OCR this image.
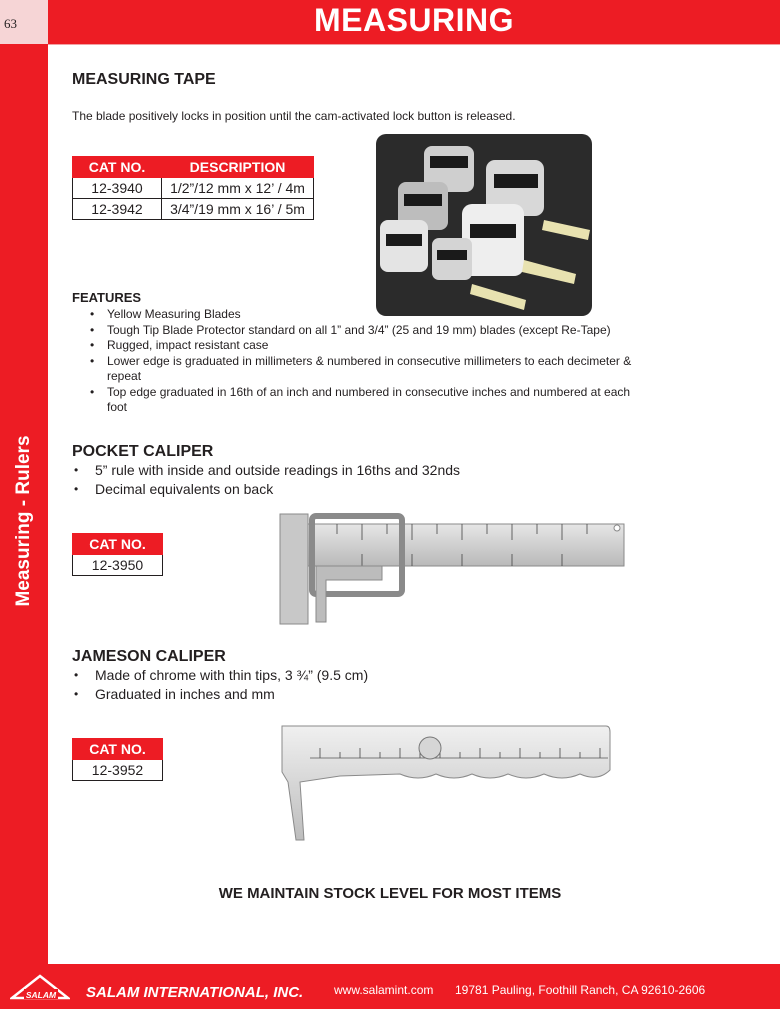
63	MEASURING
Measuring - Rulers
MEASURING TAPE
The blade positively locks in position until the cam-activated lock button is released.
CAT NO.	DESCRIPTION
12-3940	1/2”/12 mm x 12’ / 4m
12-3942	3/4”/19 mm x 16’ / 5m
FEATURES
• Yellow Measuring Blades
• Tough Tip Blade Protector standard on all 1” and 3/4” (25 and 19 mm) blades (except Re-Tape)
• Rugged, impact resistant case
• Lower edge is graduated in millimeters & numbered in consecutive millimeters to each decimeter & repeat
• Top edge graduated in 16th of an inch and numbered in consecutive inches and numbered at each foot
POCKET CALIPER
• 5” rule with inside and outside readings in 16ths and 32nds
• Decimal equivalents on back
CAT NO.
12-3950
JAMESON CALIPER
• Made of chrome with thin tips, 3 ¾” (9.5 cm)
• Graduated in inches and mm
CAT NO.
12-3952
WE MAINTAIN STOCK LEVEL FOR MOST ITEMS
SALAM SALAM INTERNATIONAL, INC.	www.salamint.com 19781 Pauling, Foothill Ranch, CA 92610-2606
